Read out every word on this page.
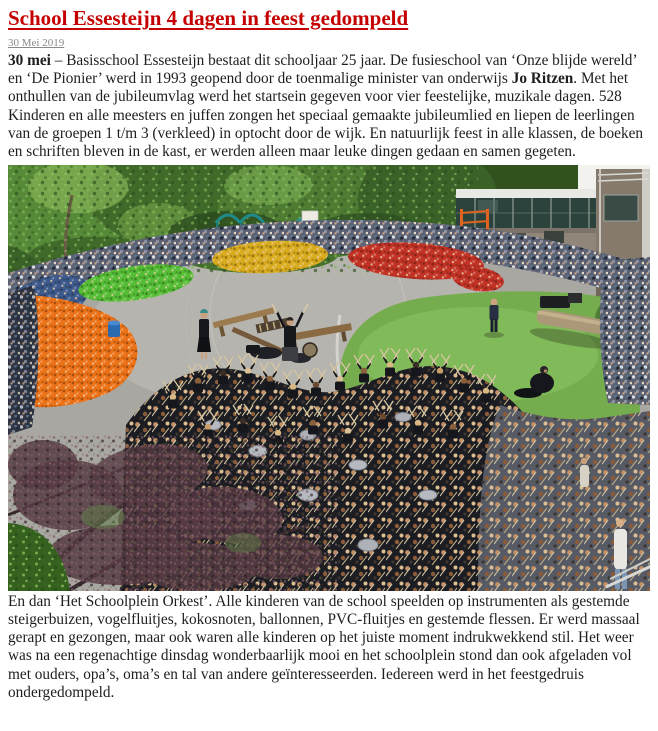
School Essesteijn 4 dagen in feest gedompeld
30 Mei 2019

30 mei – Basisschool Essesteijn bestaat dit schooljaar 25 jaar. De fusieschool van ‘Onze blijde wereld’ en ‘De Pionier’ werd in 1993 geopend door de toenmalige minister van onderwijs Jo Ritzen. Met het onthullen van de jubileumvlag werd het startsein gegeven voor vier feestelijke, muzikale dagen. 528 Kinderen en alle meesters en juffen zongen het speciaal gemaakte jubileumlied en liepen de leerlingen van de groepen 1 t/m 3 (verkleed) in optocht door de wijk. En natuurlijk feest in alle klassen, de boeken en schriften bleven in de kast, er werden alleen maar leuke dingen gedaan en samen gegeten.

En dan ‘Het Schoolplein Orkest’. Alle kinderen van de school speelden op instrumenten als gestemde steigerbuizen, vogelfluitjes, kokosnoten, ballonnen, PVC-fluitjes en gestemde flessen. Er werd massaal gerapt en gezongen, maar ook waren alle kinderen op het juiste moment indrukwekkend stil. Het weer was na een regenachtige dinsdag wonderbaarlijk mooi en het schoolplein stond dan ook afgeladen vol met ouders, opa’s, oma’s en tal van andere geïnteresseerden. Iedereen werd in het feestgedruis ondergedompeld.
